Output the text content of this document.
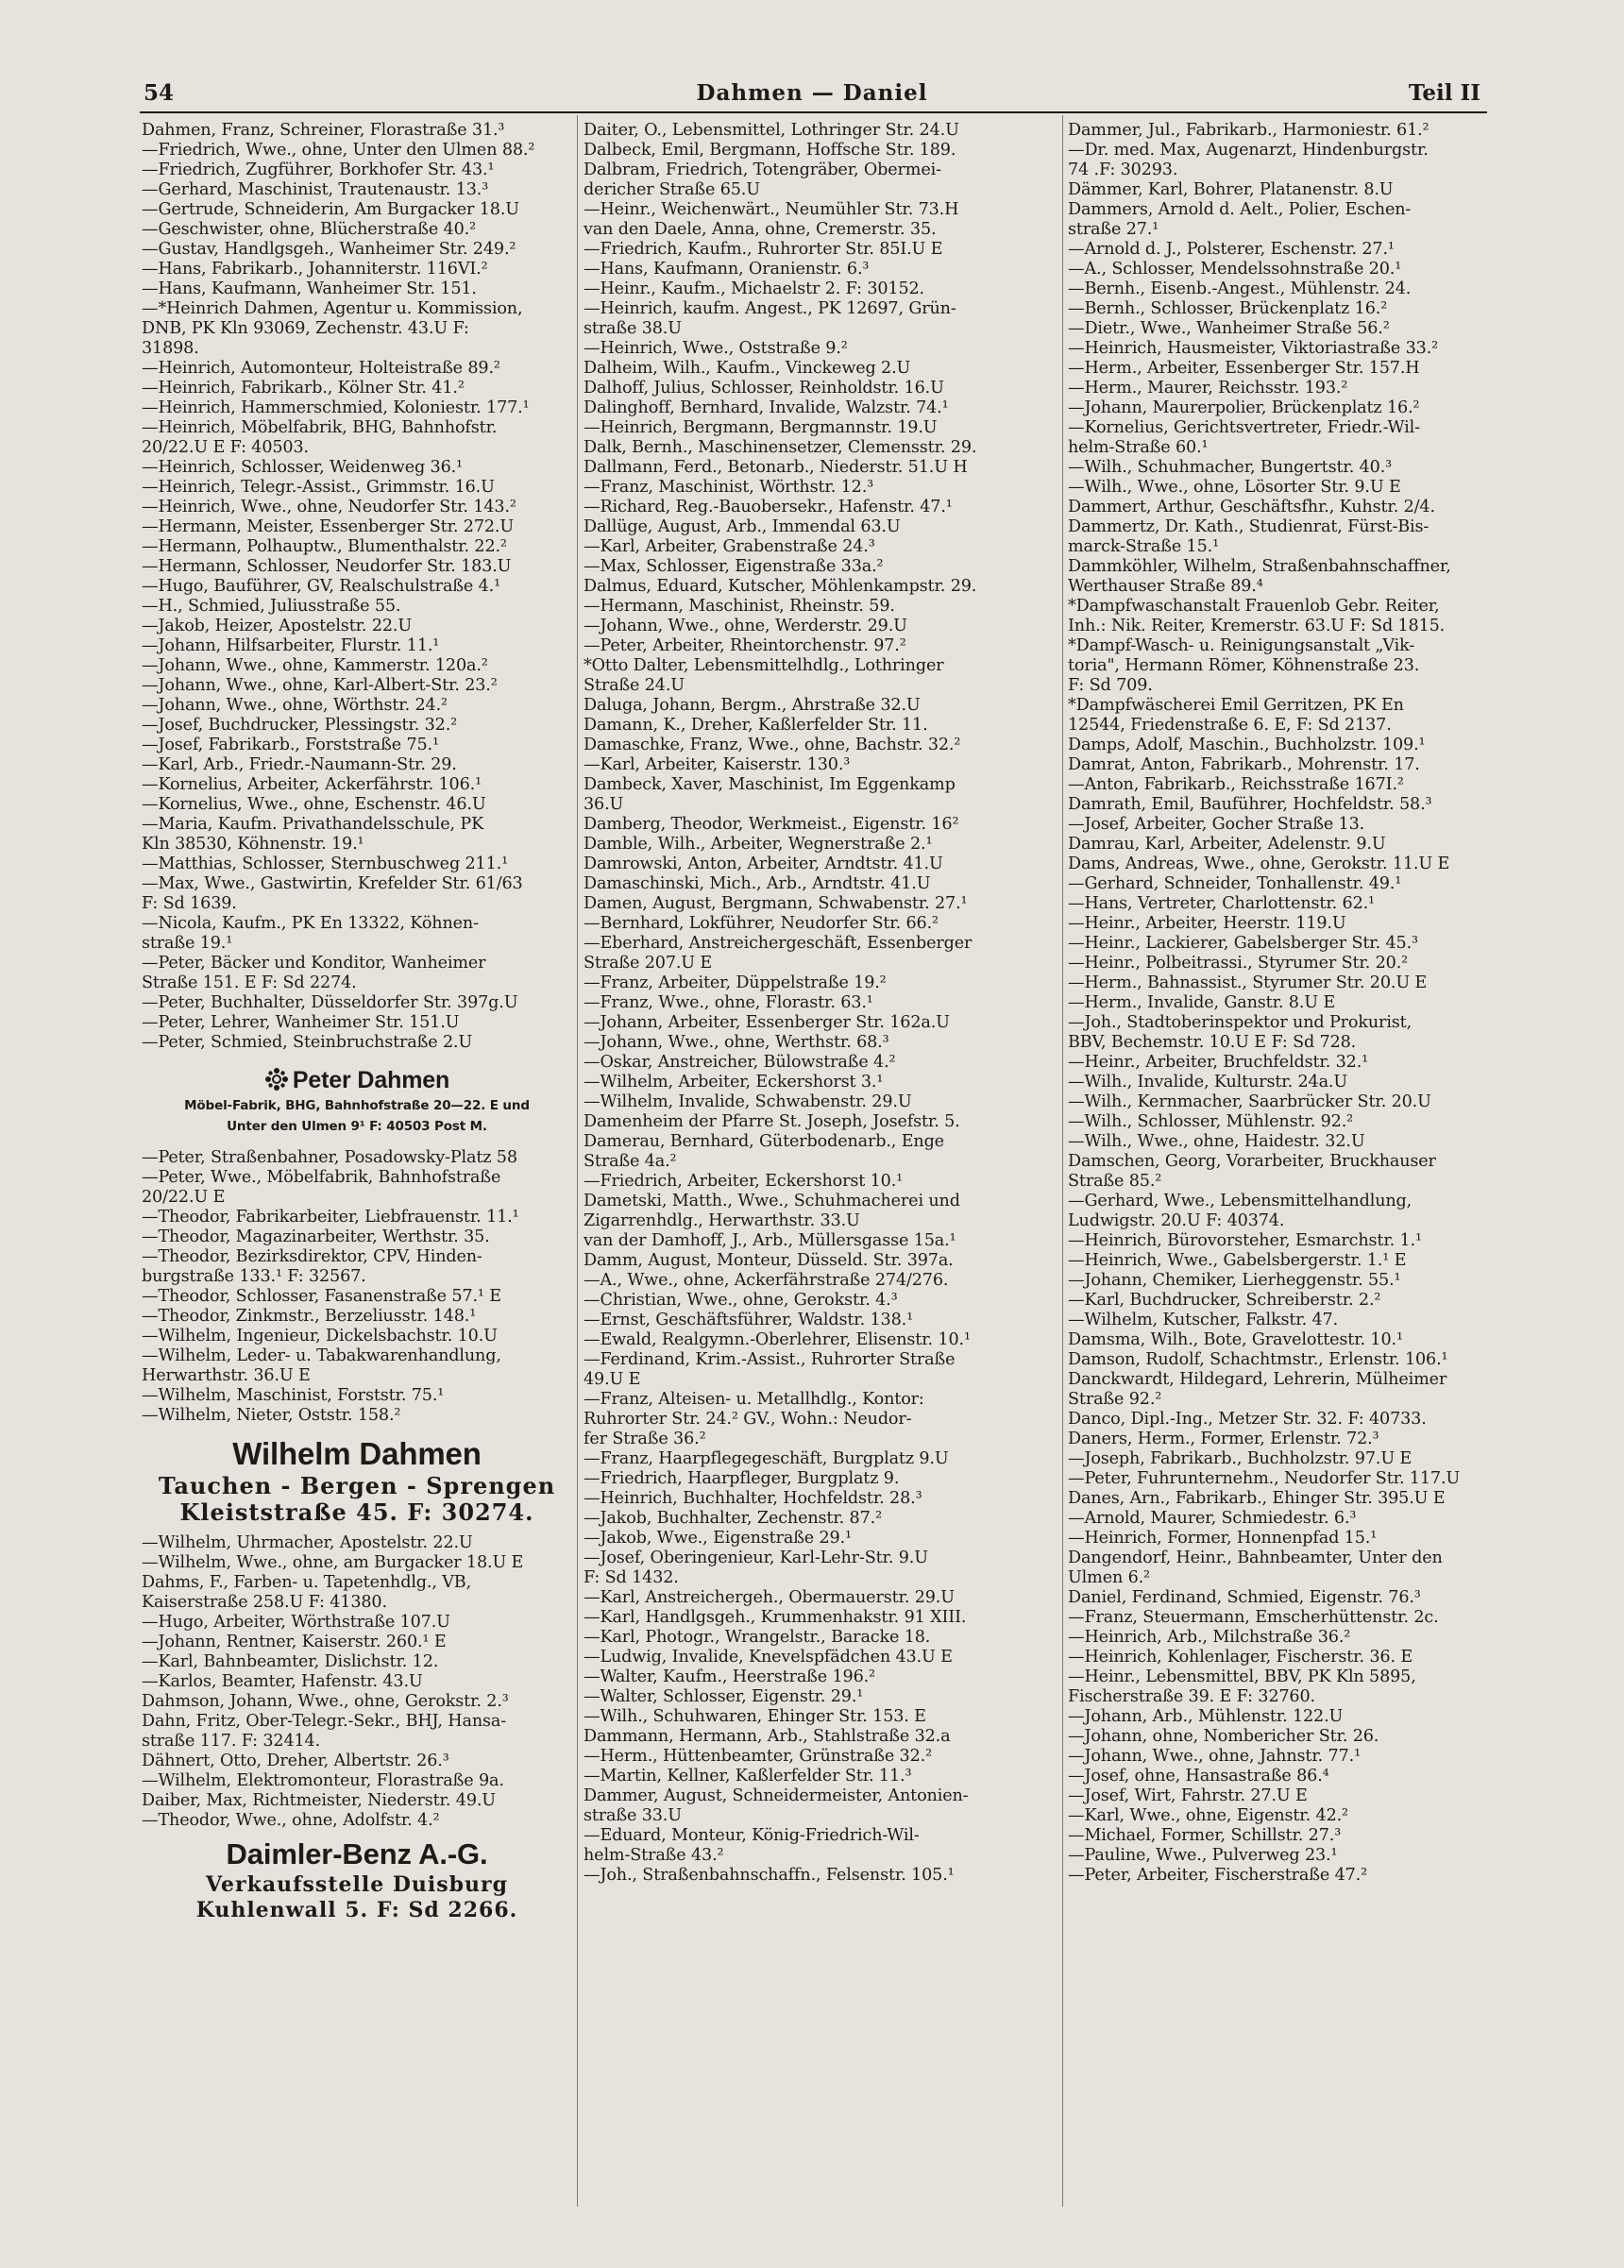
54	Dahmen — Daniel	Teil II
Dahmen, Franz, Schreiner, Florastraße 31.³
—Friedrich, Wwe., ohne, Unter den Ulmen 88.²
—Friedrich, Zugführer, Borkhofer Str. 43.¹
—Gerhard, Maschinist, Trautenaustr. 13.³
—Gertrude, Schneiderin, Am Burgacker 18.U
—Geschwister, ohne, Blücherstraße 40.²
—Gustav, Handlgsgeh., Wanheimer Str. 249.²
—Hans, Fabrikarb., Johanniterstr. 116VI.²
—Hans, Kaufmann, Wanheimer Str. 151.
—*Heinrich Dahmen, Agentur u. Kommission,
DNB, PK Kln 93069, Zechenstr. 43.U F:
31898.
—Heinrich, Automonteur, Holteistraße 89.²
—Heinrich, Fabrikarb., Kölner Str. 41.²
—Heinrich, Hammerschmied, Koloniestr. 177.¹
—Heinrich, Möbelfabrik, BHG, Bahnhofstr.
20/22.U E F: 40503.
—Heinrich, Schlosser, Weidenweg 36.¹
—Heinrich, Telegr.-Assist., Grimmstr. 16.U
—Heinrich, Wwe., ohne, Neudorfer Str. 143.²
—Hermann, Meister, Essenberger Str. 272.U
—Hermann, Polhauptw., Blumenthalstr. 22.²
—Hermann, Schlosser, Neudorfer Str. 183.U
—Hugo, Bauführer, GV, Realschulstraße 4.¹
—H., Schmied, Juliusstraße 55.
—Jakob, Heizer, Apostelstr. 22.U
—Johann, Hilfsarbeiter, Flurstr. 11.¹
—Johann, Wwe., ohne, Kammerstr. 120a.²
—Johann, Wwe., ohne, Karl-Albert-Str. 23.²
—Johann, Wwe., ohne, Wörthstr. 24.²
—Josef, Buchdrucker, Plessingstr. 32.²
—Josef, Fabrikarb., Forststraße 75.¹
—Karl, Arb., Friedr.-Naumann-Str. 29.
—Kornelius, Arbeiter, Ackerfährstr. 106.¹
—Kornelius, Wwe., ohne, Eschenstr. 46.U
—Maria, Kaufm. Privathandelsschule, PK
Kln 38530, Köhnenstr. 19.¹
—Matthias, Schlosser, Sternbuschweg 211.¹
—Max, Wwe., Gastwirtin, Krefelder Str. 61/63
F: Sd 1639.
—Nicola, Kaufm., PK En 13322, Köhnen-
straße 19.¹
—Peter, Bäcker und Konditor, Wanheimer
Straße 151. E F: Sd 2274.
—Peter, Buchhalter, Düsseldorfer Str. 397g.U
—Peter, Lehrer, Wanheimer Str. 151.U
—Peter, Schmied, Steinbruchstraße 2.U
Peter Dahmen
Möbel-Fabrik, BHG, Bahnhofstraße 20—22. E und
Unter den Ulmen 9¹ F: 40503 Post M.
—Peter, Straßenbahner, Posadowsky-Platz 58
—Peter, Wwe., Möbelfabrik, Bahnhofstraße
20/22.U E
—Theodor, Fabrikarbeiter, Liebfrauenstr. 11.¹
—Theodor, Magazinarbeiter, Werthstr. 35.
—Theodor, Bezirksdirektor, CPV, Hinden-
burgstraße 133.¹ F: 32567.
—Theodor, Schlosser, Fasanenstraße 57.¹ E
—Theodor, Zinkmstr., Berzeliusstr. 148.¹
—Wilhelm, Ingenieur, Dickelsbachstr. 10.U
—Wilhelm, Leder- u. Tabakwarenhandlung,
Herwarthstr. 36.U E
—Wilhelm, Maschinist, Forststr. 75.¹
—Wilhelm, Nieter, Oststr. 158.²
Wilhelm Dahmen
Tauchen - Bergen - Sprengen
Kleiststraße 45. F: 30274.
—Wilhelm, Uhrmacher, Apostelstr. 22.U
—Wilhelm, Wwe., ohne, am Burgacker 18.U E
Dahms, F., Farben- u. Tapetenhdlg., VB,
Kaiserstraße 258.U F: 41380.
—Hugo, Arbeiter, Wörthstraße 107.U
—Johann, Rentner, Kaiserstr. 260.¹ E
—Karl, Bahnbeamter, Dislichstr. 12.
—Karlos, Beamter, Hafenstr. 43.U
Dahmson, Johann, Wwe., ohne, Gerokstr. 2.³
Dahn, Fritz, Ober-Telegr.-Sekr., BHJ, Hansa-
straße 117. F: 32414.
Dähnert, Otto, Dreher, Albertstr. 26.³
—Wilhelm, Elektromonteur, Florastraße 9a.
Daiber, Max, Richtmeister, Niederstr. 49.U
—Theodor, Wwe., ohne, Adolfstr. 4.²
Daimler-Benz A.-G.
Verkaufsstelle Duisburg
Kuhlenwall 5. F: Sd 2266.
Daiter, O., Lebensmittel, Lothringer Str. 24.U
Dalbeck, Emil, Bergmann, Hoffsche Str. 189.
Dalbram, Friedrich, Totengräber, Obermei-
dericher Straße 65.U
—Heinr., Weichenwärt., Neumühler Str. 73.H
van den Daele, Anna, ohne, Cremerstr. 35.
—Friedrich, Kaufm., Ruhrorter Str. 85I.U E
—Hans, Kaufmann, Oranienstr. 6.³
—Heinr., Kaufm., Michaelstr 2. F: 30152.
—Heinrich, kaufm. Angest., PK 12697, Grün-
straße 38.U
—Heinrich, Wwe., Oststraße 9.²
Dalheim, Wilh., Kaufm., Vinckeweg 2.U
Dalhoff, Julius, Schlosser, Reinholdstr. 16.U
Dalinghoff, Bernhard, Invalide, Walzstr. 74.¹
—Heinrich, Bergmann, Bergmannstr. 19.U
Dalk, Bernh., Maschinensetzer, Clemensstr. 29.
Dallmann, Ferd., Betonarb., Niederstr. 51.U H
—Franz, Maschinist, Wörthstr. 12.³
—Richard, Reg.-Bauobersekr., Hafenstr. 47.¹
Dallüge, August, Arb., Immendal 63.U
—Karl, Arbeiter, Grabenstraße 24.³
—Max, Schlosser, Eigenstraße 33a.²
Dalmus, Eduard, Kutscher, Möhlenkampstr. 29.
—Hermann, Maschinist, Rheinstr. 59.
—Johann, Wwe., ohne, Werderstr. 29.U
—Peter, Arbeiter, Rheintorchenstr. 97.²
*Otto Dalter, Lebensmittelhdlg., Lothringer
Straße 24.U
Daluga, Johann, Bergm., Ahrstraße 32.U
Damann, K., Dreher, Kaßlerfelder Str. 11.
Damaschke, Franz, Wwe., ohne, Bachstr. 32.²
—Karl, Arbeiter, Kaiserstr. 130.³
Dambeck, Xaver, Maschinist, Im Eggenkamp
36.U
Damberg, Theodor, Werkmeist., Eigenstr. 16²
Damble, Wilh., Arbeiter, Wegnerstraße 2.¹
Damrowski, Anton, Arbeiter, Arndtstr. 41.U
Damaschinski, Mich., Arb., Arndtstr. 41.U
Damen, August, Bergmann, Schwabenstr. 27.¹
—Bernhard, Lokführer, Neudorfer Str. 66.²
—Eberhard, Anstreichergeschäft, Essenberger
Straße 207.U E
—Franz, Arbeiter, Düppelstraße 19.²
—Franz, Wwe., ohne, Florastr. 63.¹
—Johann, Arbeiter, Essenberger Str. 162a.U
—Johann, Wwe., ohne, Werthstr. 68.³
—Oskar, Anstreicher, Bülowstraße 4.²
—Wilhelm, Arbeiter, Eckershorst 3.¹
—Wilhelm, Invalide, Schwabenstr. 29.U
Damenheim der Pfarre St. Joseph, Josefstr. 5.
Damerau, Bernhard, Güterbodenarb., Enge
Straße 4a.²
—Friedrich, Arbeiter, Eckershorst 10.¹
Dametski, Matth., Wwe., Schuhmacherei und
Zigarrenhdlg., Herwarthstr. 33.U
van der Damhoff, J., Arb., Müllersgasse 15a.¹
Damm, August, Monteur, Düsseld. Str. 397a.
—A., Wwe., ohne, Ackerfährstraße 274/276.
—Christian, Wwe., ohne, Gerokstr. 4.³
—Ernst, Geschäftsführer, Waldstr. 138.¹
—Ewald, Realgymn.-Oberlehrer, Elisenstr. 10.¹
—Ferdinand, Krim.-Assist., Ruhrorter Straße
49.U E
—Franz, Alteisen- u. Metallhdlg., Kontor:
Ruhrorter Str. 24.² GV., Wohn.: Neudor-
fer Straße 36.²
—Franz, Haarpflegegeschäft, Burgplatz 9.U
—Friedrich, Haarpfleger, Burgplatz 9.
—Heinrich, Buchhalter, Hochfeldstr. 28.³
—Jakob, Buchhalter, Zechenstr. 87.²
—Jakob, Wwe., Eigenstraße 29.¹
—Josef, Oberingenieur, Karl-Lehr-Str. 9.U
F: Sd 1432.
—Karl, Anstreichergeh., Obermauerstr. 29.U
—Karl, Handlgsgeh., Krummenhakstr. 91 XIII.
—Karl, Photogr., Wrangelstr., Baracke 18.
—Ludwig, Invalide, Knevelspfädchen 43.U E
—Walter, Kaufm., Heerstraße 196.²
—Walter, Schlosser, Eigenstr. 29.¹
—Wilh., Schuhwaren, Ehinger Str. 153. E
Dammann, Hermann, Arb., Stahlstraße 32.a
—Herm., Hüttenbeamter, Grünstraße 32.²
—Martin, Kellner, Kaßlerfelder Str. 11.³
Dammer, August, Schneidermeister, Antonien-
straße 33.U
—Eduard, Monteur, König-Friedrich-Wil-
helm-Straße 43.²
—Joh., Straßenbahnschaffn., Felsenstr. 105.¹
Dammer, Jul., Fabrikarb., Harmoniestr. 61.²
—Dr. med. Max, Augenarzt, Hindenburgstr.
74 .F: 30293.
Dämmer, Karl, Bohrer, Platanenstr. 8.U
Dammers, Arnold d. Aelt., Polier, Eschen-
straße 27.¹
—Arnold d. J., Polsterer, Eschenstr. 27.¹
—A., Schlosser, Mendelssohnstraße 20.¹
—Bernh., Eisenb.-Angest., Mühlenstr. 24.
—Bernh., Schlosser, Brückenplatz 16.²
—Dietr., Wwe., Wanheimer Straße 56.²
—Heinrich, Hausmeister, Viktoriastraße 33.²
—Herm., Arbeiter, Essenberger Str. 157.H
—Herm., Maurer, Reichsstr. 193.²
—Johann, Maurerpolier, Brückenplatz 16.²
—Kornelius, Gerichtsvertreter, Friedr.-Wil-
helm-Straße 60.¹
—Wilh., Schuhmacher, Bungertstr. 40.³
—Wilh., Wwe., ohne, Lösorter Str. 9.U E
Dammert, Arthur, Geschäftsfhr., Kuhstr. 2/4.
Dammertz, Dr. Kath., Studienrat, Fürst-Bis-
marck-Straße 15.¹
Dammköhler, Wilhelm, Straßenbahnschaffner,
Werthauser Straße 89.⁴
*Dampfwaschanstalt Frauenlob Gebr. Reiter,
Inh.: Nik. Reiter, Kremerstr. 63.U F: Sd 1815.
*Dampf-Wasch- u. Reinigungsanstalt „Vik-
toria", Hermann Römer, Köhnenstraße 23.
F: Sd 709.
*Dampfwäscherei Emil Gerritzen, PK En
12544, Friedenstraße 6. E, F: Sd 2137.
Damps, Adolf, Maschin., Buchholzstr. 109.¹
Damrat, Anton, Fabrikarb., Mohrenstr. 17.
—Anton, Fabrikarb., Reichsstraße 167I.²
Damrath, Emil, Bauführer, Hochfeldstr. 58.³
—Josef, Arbeiter, Gocher Straße 13.
Damrau, Karl, Arbeiter, Adelenstr. 9.U
Dams, Andreas, Wwe., ohne, Gerokstr. 11.U E
—Gerhard, Schneider, Tonhallenstr. 49.¹
—Hans, Vertreter, Charlottenstr. 62.¹
—Heinr., Arbeiter, Heerstr. 119.U
—Heinr., Lackierer, Gabelsberger Str. 45.³
—Heinr., Polbeitrassi., Styrumer Str. 20.²
—Herm., Bahnassist., Styrumer Str. 20.U E
—Herm., Invalide, Ganstr. 8.U E
—Joh., Stadtoberinspektor und Prokurist,
BBV, Bechemstr. 10.U E F: Sd 728.
—Heinr., Arbeiter, Bruchfeldstr. 32.¹
—Wilh., Invalide, Kulturstr. 24a.U
—Wilh., Kernmacher, Saarbrücker Str. 20.U
—Wilh., Schlosser, Mühlenstr. 92.²
—Wilh., Wwe., ohne, Haidestr. 32.U
Damschen, Georg, Vorarbeiter, Bruckhauser
Straße 85.²
—Gerhard, Wwe., Lebensmittelhandlung,
Ludwigstr. 20.U F: 40374.
—Heinrich, Bürovorsteher, Esmarchstr. 1.¹
—Heinrich, Wwe., Gabelsbergerstr. 1.¹ E
—Johann, Chemiker, Lierheggenstr. 55.¹
—Karl, Buchdrucker, Schreiberstr. 2.²
—Wilhelm, Kutscher, Falkstr. 47.
Damsma, Wilh., Bote, Gravelottestr. 10.¹
Damson, Rudolf, Schachtmstr., Erlenstr. 106.¹
Danckwardt, Hildegard, Lehrerin, Mülheimer
Straße 92.²
Danco, Dipl.-Ing., Metzer Str. 32. F: 40733.
Daners, Herm., Former, Erlenstr. 72.³
—Joseph, Fabrikarb., Buchholzstr. 97.U E
—Peter, Fuhrunternehm., Neudorfer Str. 117.U
Danes, Arn., Fabrikarb., Ehinger Str. 395.U E
—Arnold, Maurer, Schmiedestr. 6.³
—Heinrich, Former, Honnenpfad 15.¹
Dangendorf, Heinr., Bahnbeamter, Unter den
Ulmen 6.²
Daniel, Ferdinand, Schmied, Eigenstr. 76.³
—Franz, Steuermann, Emscherhüttenstr. 2c.
—Heinrich, Arb., Milchstraße 36.²
—Heinrich, Kohlenlager, Fischerstr. 36. E
—Heinr., Lebensmittel, BBV, PK Kln 5895,
Fischerstraße 39. E F: 32760.
—Johann, Arb., Mühlenstr. 122.U
—Johann, ohne, Nombericher Str. 26.
—Johann, Wwe., ohne, Jahnstr. 77.¹
—Josef, ohne, Hansastraße 86.⁴
—Josef, Wirt, Fahrstr. 27.U E
—Karl, Wwe., ohne, Eigenstr. 42.²
—Michael, Former, Schillstr. 27.³
—Pauline, Wwe., Pulverweg 23.¹
—Peter, Arbeiter, Fischerstraße 47.²
